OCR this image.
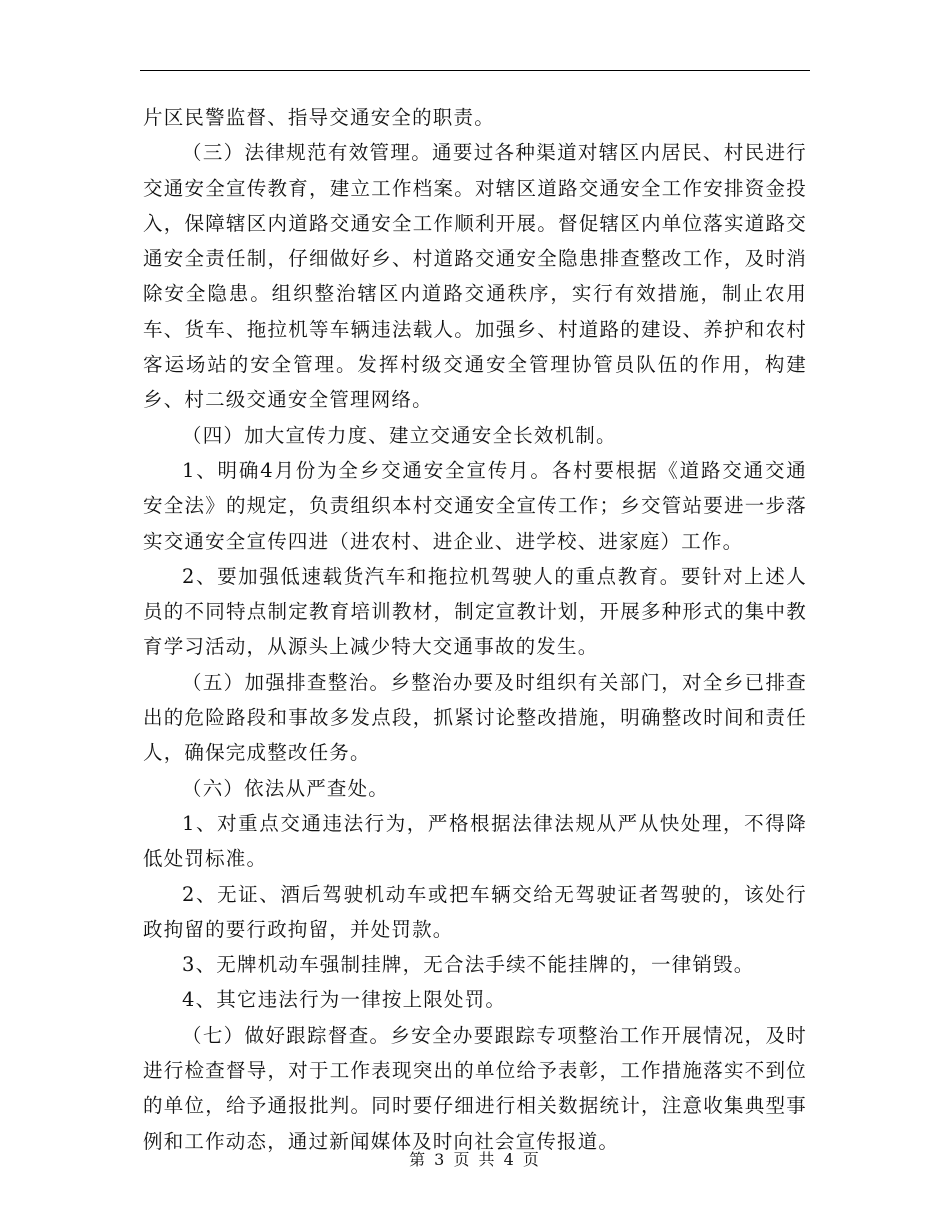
片区民警监督、指导交通安全的职责。

（三）法律规范有效管理。通要过各种渠道对辖区内居民、村民进行交通安全宣传教育，建立工作档案。对辖区道路交通安全工作安排资金投入，保障辖区内道路交通安全工作顺利开展。督促辖区内单位落实道路交通安全责任制，仔细做好乡、村道路交通安全隐患排查整改工作，及时消除安全隐患。组织整治辖区内道路交通秩序，实行有效措施，制止农用车、货车、拖拉机等车辆违法载人。加强乡、村道路的建设、养护和农村客运场站的安全管理。发挥村级交通安全管理协管员队伍的作用，构建乡、村二级交通安全管理网络。

（四）加大宣传力度、建立交通安全长效机制。

1、明确4月份为全乡交通安全宣传月。各村要根据《道路交通交通安全法》的规定，负责组织本村交通安全宣传工作；乡交管站要进一步落实交通安全宣传四进（进农村、进企业、进学校、进家庭）工作。

2、要加强低速载货汽车和拖拉机驾驶人的重点教育。要针对上述人员的不同特点制定教育培训教材，制定宣教计划，开展多种形式的集中教育学习活动，从源头上减少特大交通事故的发生。

（五）加强排查整治。乡整治办要及时组织有关部门，对全乡已排查出的危险路段和事故多发点段，抓紧讨论整改措施，明确整改时间和责任人，确保完成整改任务。

（六）依法从严查处。

1、对重点交通违法行为，严格根据法律法规从严从快处理，不得降低处罚标准。

2、无证、酒后驾驶机动车或把车辆交给无驾驶证者驾驶的，该处行政拘留的要行政拘留，并处罚款。

3、无牌机动车强制挂牌，无合法手续不能挂牌的，一律销毁。

4、其它违法行为一律按上限处罚。

（七）做好跟踪督查。乡安全办要跟踪专项整治工作开展情况，及时进行检查督导，对于工作表现突出的单位给予表彰，工作措施落实不到位的单位，给予通报批判。同时要仔细进行相关数据统计，注意收集典型事例和工作动态，通过新闻媒体及时向社会宣传报道。

第 3 页 共 4 页
